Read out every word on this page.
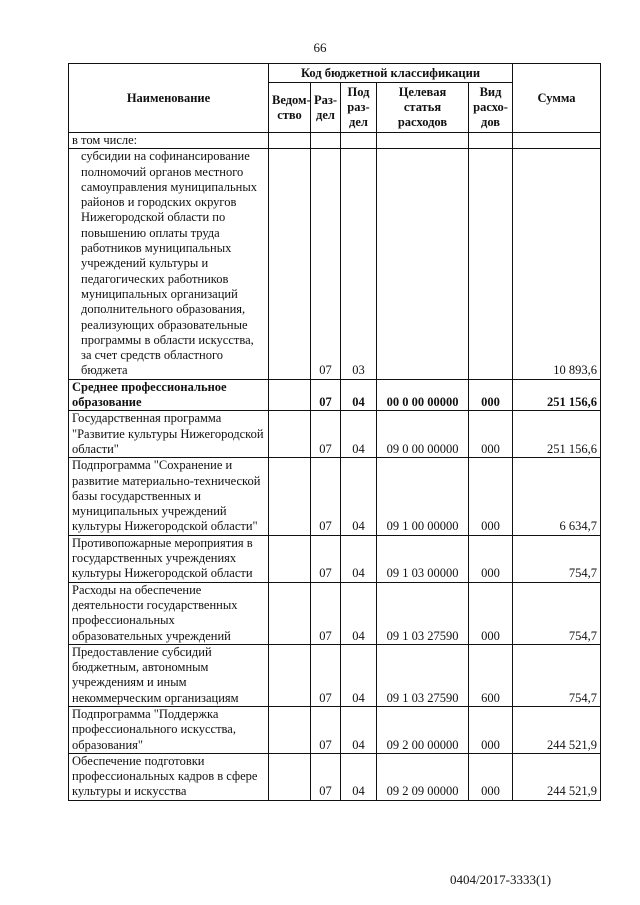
66
Наименование	Код бюджетной классификации					Сумма
	Ведом-ство	Раз-дел	Под раз-дел	Целевая статья расходов	Вид расхо-дов	
в том числе:						
субсидии на софинансирование полномочий органов местного самоуправления муниципальных районов и городских округов Нижегородской области по повышению оплаты труда работников муниципальных учреждений культуры и педагогических работников муниципальных организаций дополнительного образования, реализующих образовательные программы в области искусства, за счет средств областного бюджета		07	03			10 893,6
Среднее профессиональное образование		07	04	00 0 00 00000	000	251 156,6
Государственная программа "Развитие культуры Нижегородской области"		07	04	09 0 00 00000	000	251 156,6
Подпрограмма "Сохранение и развитие материально-технической базы государственных и муниципальных учреждений культуры Нижегородской области"		07	04	09 1 00 00000	000	6 634,7
Противопожарные мероприятия в государственных учреждениях культуры Нижегородской области		07	04	09 1 03 00000	000	754,7
Расходы на обеспечение деятельности государственных профессиональных образовательных учреждений		07	04	09 1 03 27590	000	754,7
Предоставление субсидий бюджетным, автономным учреждениям и иным некоммерческим организациям		07	04	09 1 03 27590	600	754,7
Подпрограмма "Поддержка профессионального искусства, образования"		07	04	09 2 00 00000	000	244 521,9
Обеспечение подготовки профессиональных кадров в сфере культуры и искусства		07	04	09 2 09 00000	000	244 521,9
0404/2017-3333(1)
